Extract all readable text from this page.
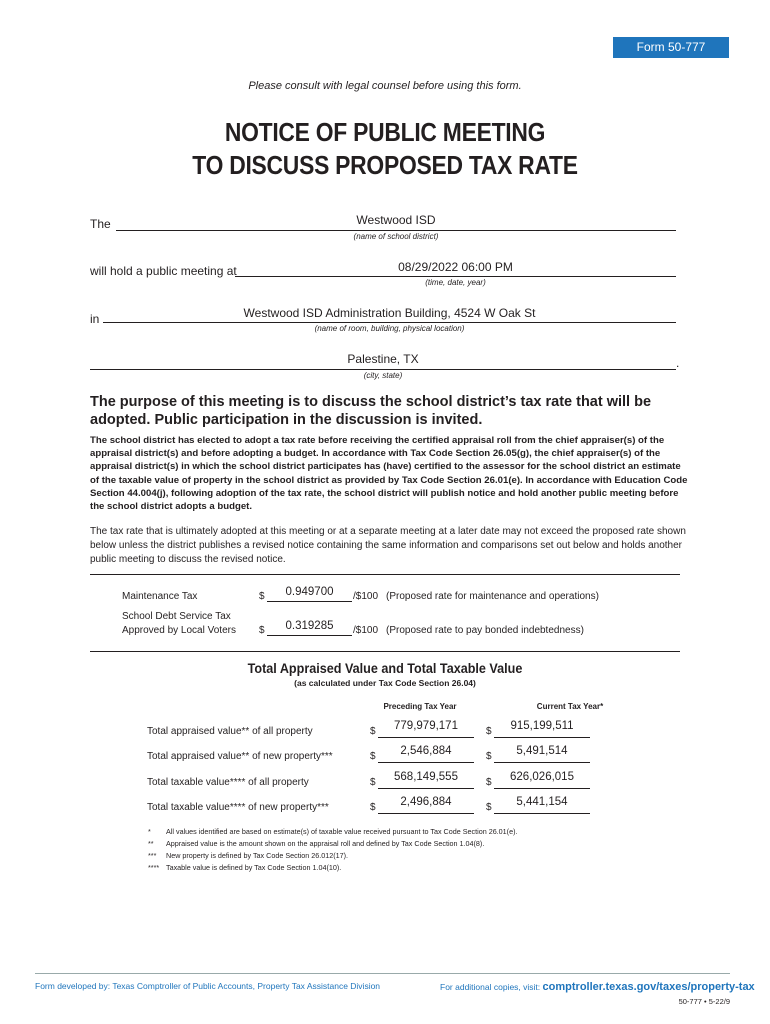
Form 50-777
Please consult with legal counsel before using this form.
NOTICE OF PUBLIC MEETING
TO DISCUSS PROPOSED TAX RATE
The	Westwood ISD
(name of school district)
will hold a public meeting at	08/29/2022 06:00 PM
(time, date, year)
in	Westwood ISD Administration Building, 4524 W Oak St
(name of room, building, physical location)
Palestine, TX	.
(city, state)
The purpose of this meeting is to discuss the school district’s tax rate that will be adopted. Public participation in the discussion is invited.
The school district has elected to adopt a tax rate before receiving the certified appraisal roll from the chief appraiser(s) of the appraisal district(s) and before adopting a budget. In accordance with Tax Code Section 26.05(g), the chief appraiser(s) of the appraisal district(s) in which the school district participates has (have) certified to the assessor for the school district an estimate of the taxable value of property in the school district as provided by Tax Code Section 26.01(e). In accordance with Education Code Section 44.004(j), following adoption of the tax rate, the school district will publish notice and hold another public meeting before the school district adopts a budget.
The tax rate that is ultimately adopted at this meeting or at a separate meeting at a later date may not exceed the proposed rate shown below unless the district publishes a revised notice containing the same information and comparisons set out below and holds another public meeting to discuss the revised notice.
Maintenance Tax	$	0.949700	/$100 (Proposed rate for maintenance and operations)
School Debt Service Tax
Approved by Local Voters $	0.319285	/$100 (Proposed rate to pay bonded indebtedness)
Total Appraised Value and Total Taxable Value
(as calculated under Tax Code Section 26.04)
Preceding Tax Year	Current Tax Year*
Total appraised value** of all property	$	779,979,171	$	915,199,511
Total appraised value** of new property***	$	2,546,884	$	5,491,514
Total taxable value**** of all property	$	568,149,555	$	626,026,015
Total taxable value**** of new property***	$	2,496,884	$	5,441,154
* All values identified are based on estimate(s) of taxable value received pursuant to Tax Code Section 26.01(e).
** Appraised value is the amount shown on the appraisal roll and defined by Tax Code Section 1.04(8).
*** New property is defined by Tax Code Section 26.012(17).
**** Taxable value is defined by Tax Code Section 1.04(10).
Form developed by: Texas Comptroller of Public Accounts, Property Tax Assistance Division	For additional copies, visit: comptroller.texas.gov/taxes/property-tax
50-777 • 5-22/9
